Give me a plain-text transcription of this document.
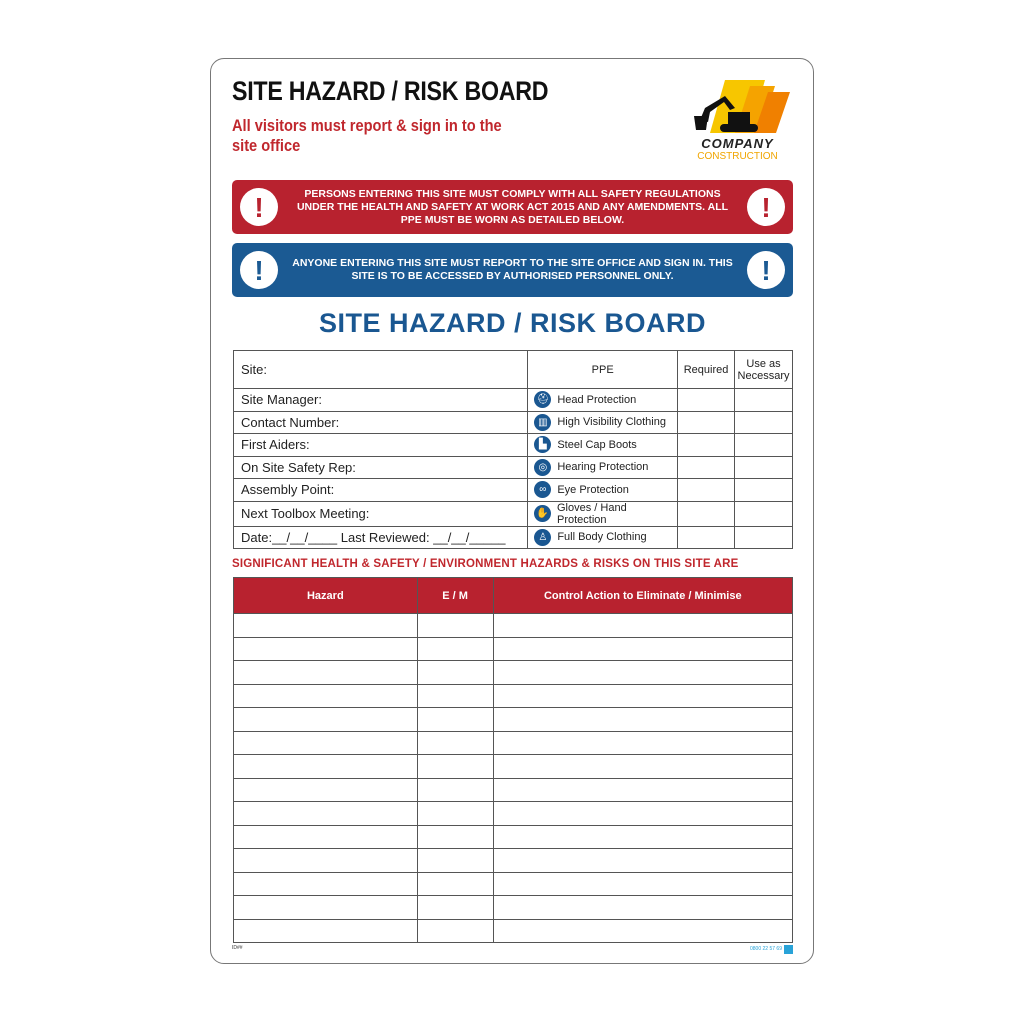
SITE HAZARD / RISK BOARD
All visitors must report & sign in to the site office	COMPANY
CONSTRUCTION
!	PERSONS ENTERING THIS SITE MUST COMPLY WITH ALL SAFETY REGULATIONS UNDER THE HEALTH AND SAFETY AT WORK ACT 2015 AND ANY AMENDMENTS. ALL PPE MUST BE WORN AS DETAILED BELOW.	!
!	ANYONE ENTERING THIS SITE MUST REPORT TO THE SITE OFFICE AND SIGN IN. THIS SITE IS TO BE ACCESSED BY AUTHORISED PERSONNEL ONLY.	!
SITE HAZARD / RISK BOARD
Site:	PPE	Required	Use as Necessary
Site Manager:	⛑ Head Protection		

Contact Number:	▥ High Visibility Clothing		

First Aiders:	▙ Steel Cap Boots		

On Site Safety Rep:	◎ Hearing Protection		

Assembly Point:	∞ Eye Protection		

Next Toolbox Meeting:	✋ Gloves / Hand Protection		

Date:__/__/____ Last Reviewed: __/__/_____	♙ Full Body Clothing		

SIGNIFICANT HEALTH & SAFETY / ENVIRONMENT HAZARDS & RISKS ON THIS SITE ARE
Hazard	E / M	Control Action to Eliminate / Minimise

ID##	0800 22 57 69
